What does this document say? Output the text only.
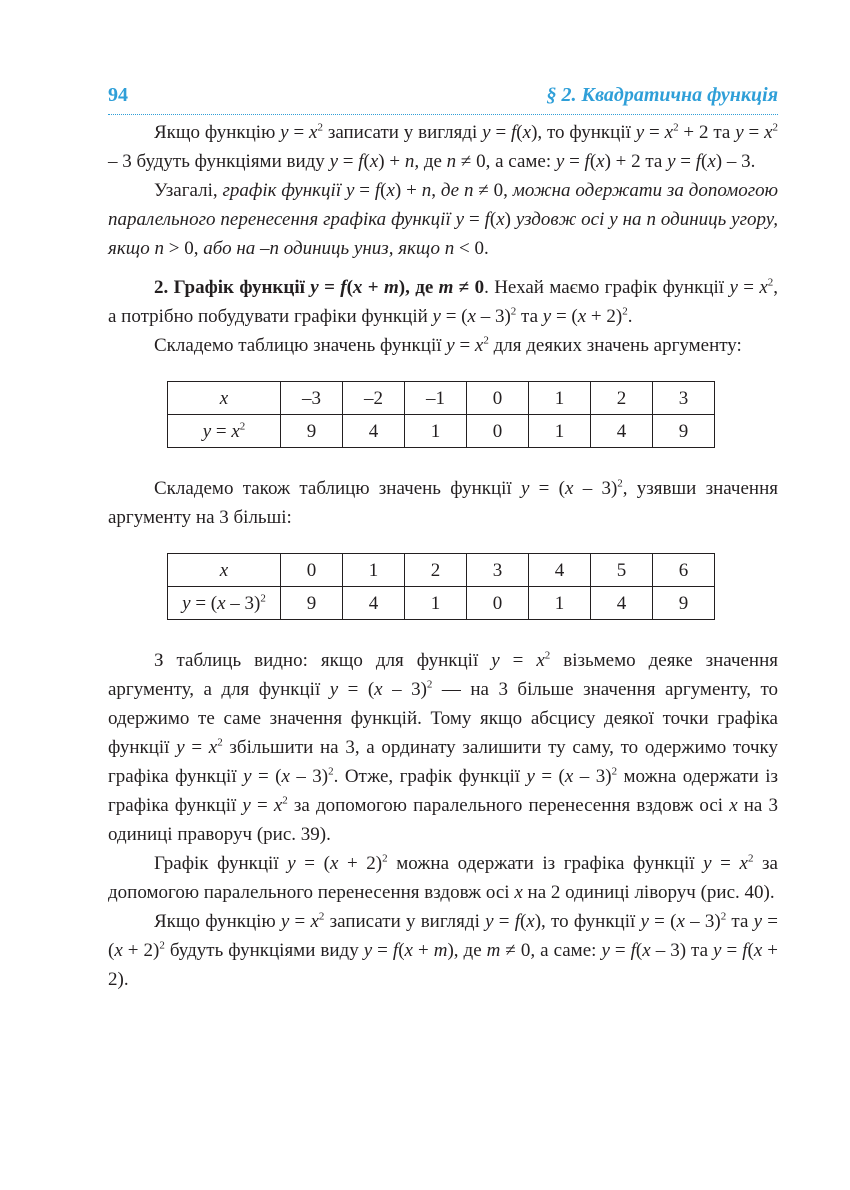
94	§ 2. Квадратична функція

Якщо функцію $y = x^2$ записати у вигляді y = f(x), то функції $y = x^2 + 2$ та $y = x^2 - 3$ будуть функціями виду y = f(x) + n, де n ≠ 0, а саме: y = f(x) + 2 та y = f(x) – 3.

Узагалі, графік функції y = f(x) + n, де n ≠ 0, можна одержати за допомогою паралельного перенесення графіка функції y = f(x) уздовж осі y на n одиниць угору, якщо n > 0, або на –n одиниць униз, якщо n < 0.

2. Графік функції y = f(x + m), де m ≠ 0. Нехай маємо графік функції $y = x^2$, а потрібно побудувати графіки функцій y = (x – 3)$^2$ та $y = (x + 2)^2$.

Складемо таблицю значень функції $y = x^2$ для деяких значень аргументу:

x	–3	–2	–1	0	1	2	3
$y = x^2$	9	4	1	0	1	4	9

Складемо також таблицю значень функції y = (x – 3)$^2$, узявши значення аргументу на 3 більші:

x	0	1	2	3	4	5	6
y = (x – 3)$^2$	9	4	1	0	1	4	9

З таблиць видно: якщо для функції $y = x^2$ візьмемо деяке значення аргументу, а для функції y = (x – 3)$^2$ — на 3 більше значення аргументу, то одержимо те саме значення функцій. Тому якщо абсцису деякої точки графіка функції $y = x^2$ збільшити на 3, а ординату залишити ту саму, то одержимо точку графіка функції y = (x – 3)$^2$. Отже, графік функції y = (x – 3)$^2$ можна одержати із графіка функції $y = x^2$ за допомогою паралельного перенесення вздовж осі x на 3 одиниці праворуч (рис. 39).

Графік функції $y = (x + 2)^2$ можна одержати із графіка функції $y = x^2$ за допомогою паралельного перенесення вздовж осі x на 2 одиниці ліворуч (рис. 40).

Якщо функцію $y = x^2$ записати у вигляді y = f(x), то функції y = (x – 3)$^2$ та $y = (x + 2)^2$ будуть функціями виду y = f(x + m), де m ≠ 0, а саме: y = f(x – 3) та y = f(x + 2).
